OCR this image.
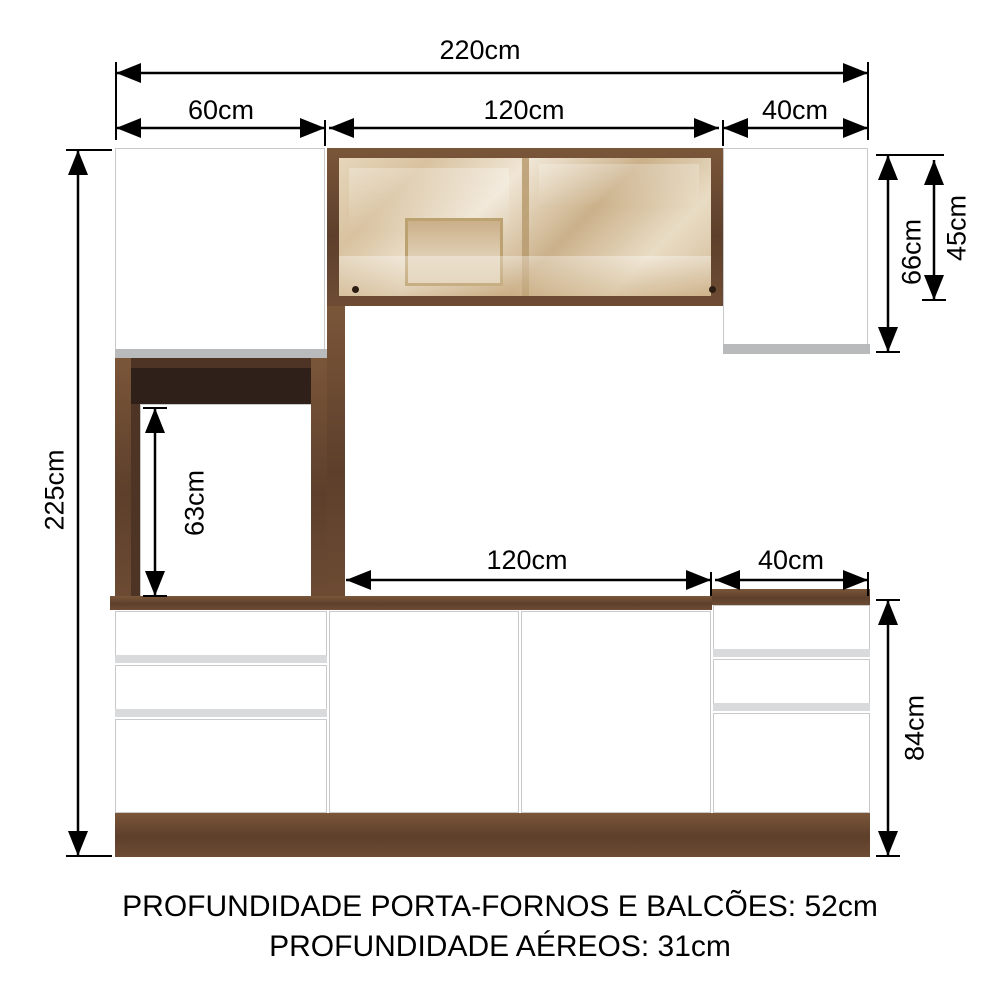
220cm
60cm	120cm	40cm
225cm
66cm 45cm
63cm
120cm	40cm
84cm
PROFUNDIDADE PORTA-FORNOS E BALCÕES: 52cm
PROFUNDIDADE AÉREOS: 31cm
